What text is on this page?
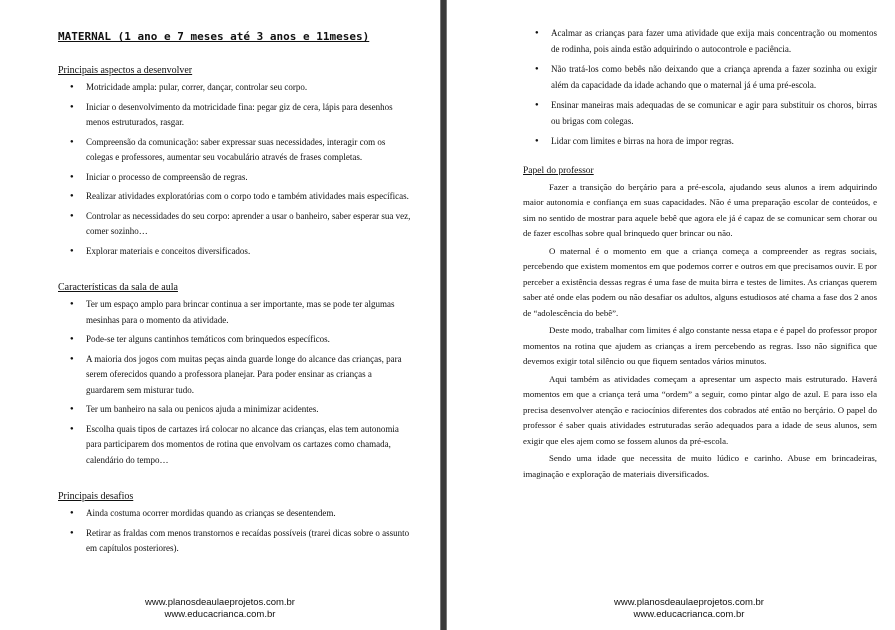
MATERNAL (1 ano e 7 meses até 3 anos e 11meses)
Principais aspectos a desenvolver
● Motricidade ampla: pular, correr, dançar, controlar seu corpo.
● Iniciar o desenvolvimento da motricidade fina: pegar giz de cera, lápis para desenhos menos estruturados, rasgar.
● Compreensão da comunicação: saber expressar suas necessidades, interagir com os colegas e professores, aumentar seu vocabulário através de frases completas.
● Iniciar o processo de compreensão de regras.
● Realizar atividades exploratórias com o corpo todo e também atividades mais específicas.
● Controlar as necessidades do seu corpo: aprender a usar o banheiro, saber esperar sua vez, comer sozinho…
● Explorar materiais e conceitos diversificados.
Características da sala de aula
● Ter um espaço amplo para brincar continua a ser importante, mas se pode ter algumas mesinhas para o momento da atividade.
● Pode-se ter alguns cantinhos temáticos com brinquedos específicos.
● A maioria dos jogos com muitas peças ainda guarde longe do alcance das crianças, para serem oferecidos quando a professora planejar. Para poder ensinar as crianças a guardarem sem misturar tudo.
● Ter um banheiro na sala ou penicos ajuda a minimizar acidentes.
● Escolha quais tipos de cartazes irá colocar no alcance das crianças, elas tem autonomia para participarem dos momentos de rotina que envolvam os cartazes como chamada, calendário do tempo…
Principais desafios
● Ainda costuma ocorrer mordidas quando as crianças se desentendem.
● Retirar as fraldas com menos transtornos e recaídas possíveis (trarei dicas sobre o assunto em capítulos posteriores).
www.planosdeaulaeprojetos.com.br
www.educacrianca.com.br
● Acalmar as crianças para fazer uma atividade que exija mais concentração ou momentos de rodinha, pois ainda estão adquirindo o autocontrole e paciência.
● Não tratá-los como bebês não deixando que a criança aprenda a fazer sozinha ou exigir além da capacidade da idade achando que o maternal já é uma pré-escola.
● Ensinar maneiras mais adequadas de se comunicar e agir para substituir os choros, birras ou brigas com colegas.
● Lidar com limites e birras na hora de impor regras.
Papel do professor

Fazer a transição do berçário para a pré-escola, ajudando seus alunos a irem adquirindo maior autonomia e confiança em suas capacidades. Não é uma preparação escolar de conteúdos, e sim no sentido de mostrar para aquele bebê que agora ele já é capaz de se comunicar sem chorar ou de fazer escolhas sobre qual brinquedo quer brincar ou não.

O maternal é o momento em que a criança começa a compreender as regras sociais, percebendo que existem momentos em que podemos correr e outros em que precisamos ouvir. E por perceber a existência dessas regras é uma fase de muita birra e testes de limites. As crianças querem saber até onde elas podem ou não desafiar os adultos, alguns estudiosos até chama a fase dos 2 anos de “adolescência do bebê”.

Deste modo, trabalhar com limites é algo constante nessa etapa e é papel do professor propor momentos na rotina que ajudem as crianças a irem percebendo as regras. Isso não significa que devemos exigir total silêncio ou que fiquem sentados vários minutos.

Aqui também as atividades começam a apresentar um aspecto mais estruturado. Haverá momentos em que a criança terá uma “ordem” a seguir, como pintar algo de azul. E para isso ela precisa desenvolver atenção e raciocínios diferentes dos cobrados até então no berçário. O papel do professor é saber quais atividades estruturadas serão adequados para a idade de seus alunos, sem exigir que eles ajem como se fossem alunos da pré-escola.

Sendo uma idade que necessita de muito lúdico e carinho. Abuse em brincadeiras, imaginação e exploração de materiais diversificados.

www.planosdeaulaeprojetos.com.br
www.educacrianca.com.br
